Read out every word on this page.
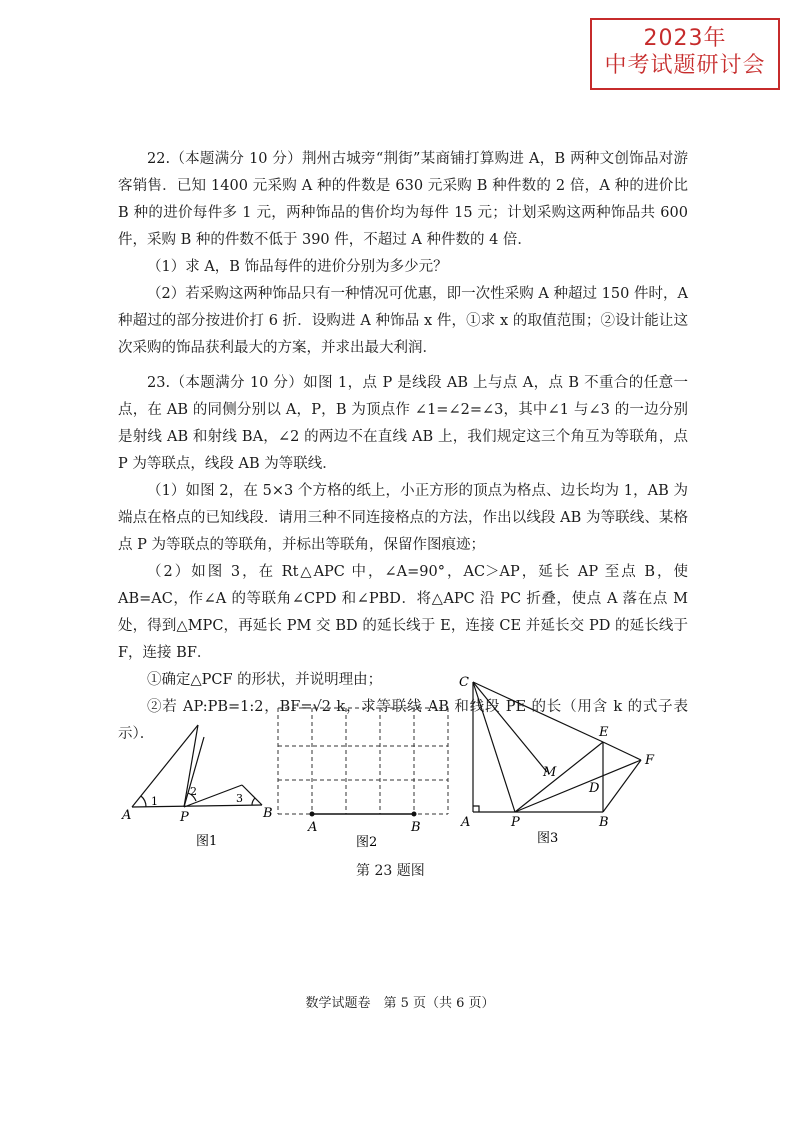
2023年
中考试题研讨会

22.（本题满分 10 分）荆州古城旁“荆街”某商铺打算购进 A，B 两种文创饰品对游客销售．已知 1400 元采购 A 种的件数是 630 元采购 B 种件数的 2 倍，A 种的进价比 B 种的进价每件多 1 元，两种饰品的售价均为每件 15 元；计划采购这两种饰品共 600 件，采购 B 种的件数不低于 390 件，不超过 A 种件数的 4 倍．

（1）求 A，B 饰品每件的进价分别为多少元？

（2）若采购这两种饰品只有一种情况可优惠，即一次性采购 A 种超过 150 件时，A 种超过的部分按进价打 6 折．设购进 A 种饰品 x 件，①求 x 的取值范围；②设计能让这次采购的饰品获利最大的方案，并求出最大利润．

23.（本题满分 10 分）如图 1，点 P 是线段 AB 上与点 A，点 B 不重合的任意一点，在 AB 的同侧分别以 A，P，B 为顶点作 ∠1=∠2=∠3，其中∠1 与∠3 的一边分别是射线 AB 和射线 BA，∠2 的两边不在直线 AB 上，我们规定这三个角互为等联角，点 P 为等联点，线段 AB 为等联线．

（1）如图 2，在 5×3 个方格的纸上，小正方形的顶点为格点、边长均为 1，AB 为端点在格点的已知线段．请用三种不同连接格点的方法，作出以线段 AB 为等联线、某格点 P 为等联点的等联角，并标出等联角，保留作图痕迹；

（2）如图 3，在 Rt△APC 中，∠A=90°，AC＞AP，延长 AP 至点 B，使 AB=AC，作∠A 的等联角∠CPD 和∠PBD．将△APC 沿 PC 折叠，使点 A 落在点 M 处，得到△MPC，再延长 PM 交 BD 的延长线于 E，连接 CE 并延长交 PD 的延长线于 F，连接 BF．

①确定△PCF 的形状，并说明理由；

②若 AP:PB=1:2，BF=√2 k，求等联线 AB 和线段 PE 的长（用含 k 的式子表示）．

A	P	B
1
2
3
图1
A	B
图2
C
E
F
M
D
A	P	B
图3
第 23 题图
数学试题卷　第 5 页（共 6 页）
